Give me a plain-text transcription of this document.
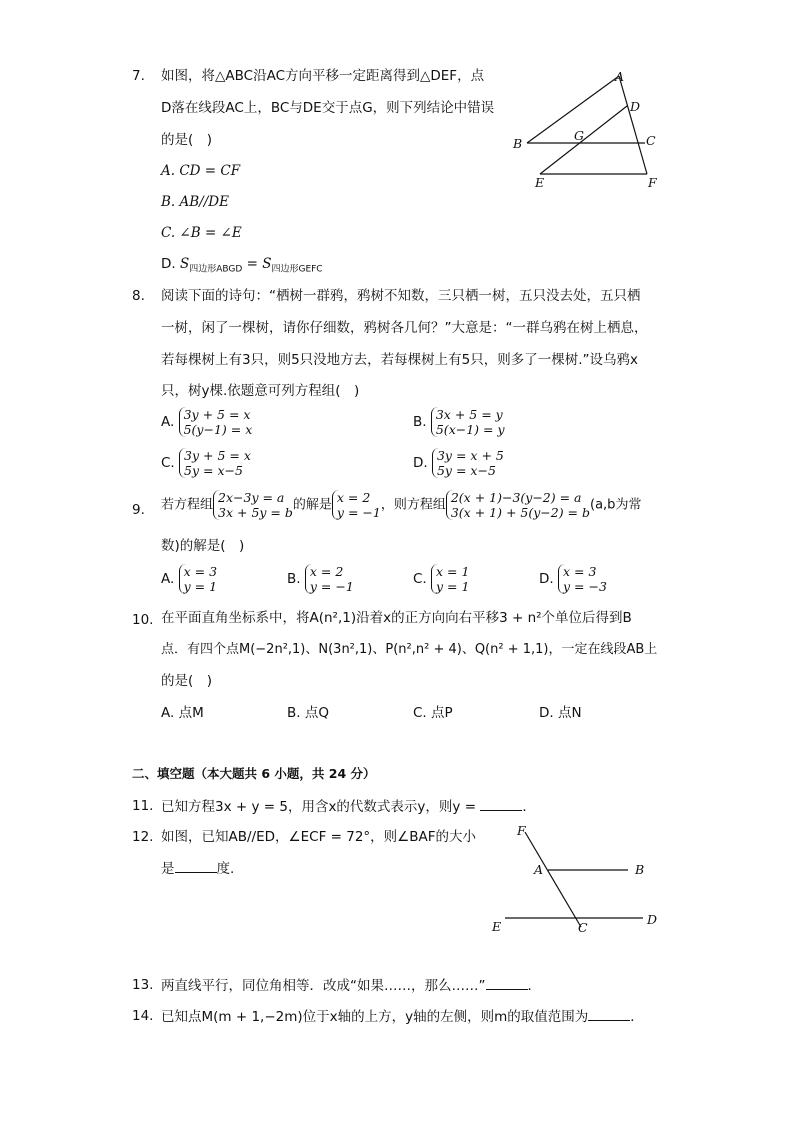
7. 如图，将△ABC沿AC方向平移一定距离得到△DEF，点
D落在线段AC上，BC与DE交于点G，则下列结论中错误
的是(　)
A. CD = CF
B. AB//DE
C. ∠B = ∠E
D. $S_{四边形ABGD} = S_{四边形GEFC}$
A
D
B
G	C
E	F
8. 阅读下面的诗句：“栖树一群鸦，鸦树不知数，三只栖一树，五只没去处，五只栖
一树，闲了一棵树，请你仔细数，鸦树各几何？”大意是：“一群乌鸦在树上栖息，
若每棵树上有3只，则5只没地方去，若每棵树上有5只，则多了一棵树.”设乌鸦x
只，树y棵.依题意可列方程组(　)
A. 3y + 5 = x
5(y−1) = x	B. 3x + 5 = y
5(x−1) = y
C. 3y + 5 = x
5y = x−5	D. 3y = x + 5
5y = x−5
9. 若方程组 2x−3y = a
3x + 5y = b的解是 x = 2
y = −1，则方程组 2(x + 1)−3(y−2) = a
3(x + 1) + 5(y−2) = b(a,b为常
数)的解是(　)
A. x = 3
y = 1	B. x = 2
y = −1	C. x = 1
y = 1	D. x = 3
y = −3
10. 在平面直角坐标系中，将A(n²,1)沿着x的正方向向右平移3 + n²个单位后得到B
点．有四个点M(−2n²,1)、N(3n²,1)、P(n²,n² + 4)、Q(n² + 1,1)，一定在线段AB上
的是(　)
A. 点M	B. 点Q	C. 点P	D. 点N
二、填空题（本大题共 6 小题，共 24 分）
11. 已知方程3x + y = 5，用含x的代数式表示y，则y =	．
12. 如图，已知AB//ED，∠ECF = 72°，则∠BAF的大小
是	度.
F
A	B
E	C
D
13. 两直线平行，同位角相等．改成“如果……，那么……”	．
14. 已知点M(m + 1,−2m)位于x轴的上方，y轴的左侧，则m的取值范围为	．
